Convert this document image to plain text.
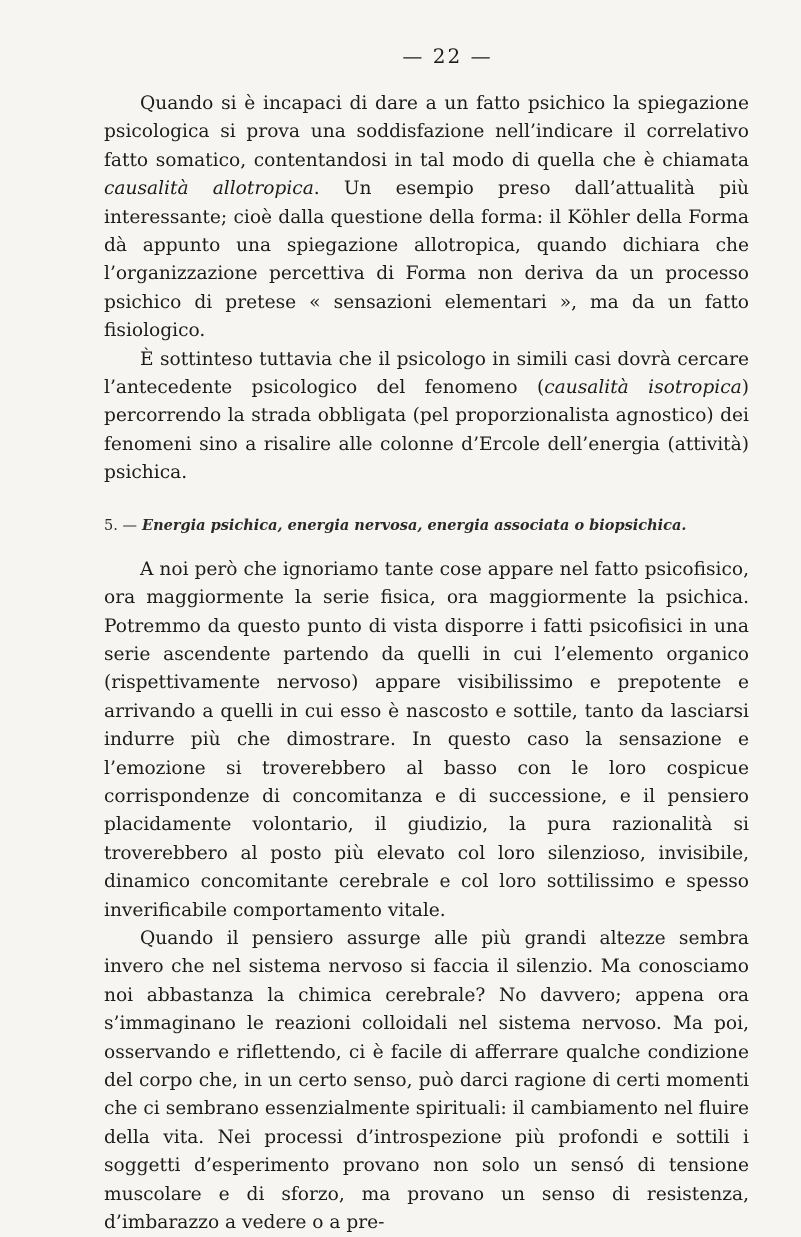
— 22 —

Quando si è incapaci di dare a un fatto psichico la spiegazione psicologica si prova una soddisfazione nell’indicare il correlativo fatto somatico, contentandosi in tal modo di quella che è chiamata causalità allotropica. Un esempio preso dall’attualità più interessante; cioè dalla questione della forma: il Köhler della Forma dà appunto una spiegazione allotropica, quando dichiara che l’organizzazione percettiva di Forma non deriva da un processo psichico di pretese « sensazioni elementari », ma da un fatto fisiologico.

È sottinteso tuttavia che il psicologo in simili casi dovrà cercare l’antecedente psicologico del fenomeno (causalità isotropica) percorrendo la strada obbligata (pel proporzionalista agnostico) dei fenomeni sino a risalire alle colonne d’Ercole dell’energia (attività) psichica.

5. — Energia psichica, energia nervosa, energia associata o biopsichica.

A noi però che ignoriamo tante cose appare nel fatto psicofisico, ora maggiormente la serie fisica, ora maggiormente la psichica. Potremmo da questo punto di vista disporre i fatti psicofisici in una serie ascendente partendo da quelli in cui l’elemento organico (rispettivamente nervoso) appare visibilissimo e prepotente e arrivando a quelli in cui esso è nascosto e sottile, tanto da lasciarsi indurre più che dimostrare. In questo caso la sensazione e l’emozione si troverebbero al basso con le loro cospicue corrispondenze di concomitanza e di successione, e il pensiero placidamente volontario, il giudizio, la pura razionalità si troverebbero al posto più elevato col loro silenzioso, invisibile, dinamico concomitante cerebrale e col loro sottilissimo e spesso inverificabile comportamento vitale.

Quando il pensiero assurge alle più grandi altezze sembra invero che nel sistema nervoso si faccia il silenzio. Ma conosciamo noi abbastanza la chimica cerebrale? No davvero; appena ora s’immaginano le reazioni colloidali nel sistema nervoso. Ma poi, osservando e riflettendo, ci è facile di afferrare qualche condizione del corpo che, in un certo senso, può darci ragione di certi momenti che ci sembrano essenzialmente spirituali: il cambiamento nel fluire della vita. Nei processi d’introspezione più profondi e sottili i soggetti d’esperimento provano non solo un sensó di tensione muscolare e di sforzo, ma provano un senso di resistenza, d’imbarazzo a vedere o a pre-
